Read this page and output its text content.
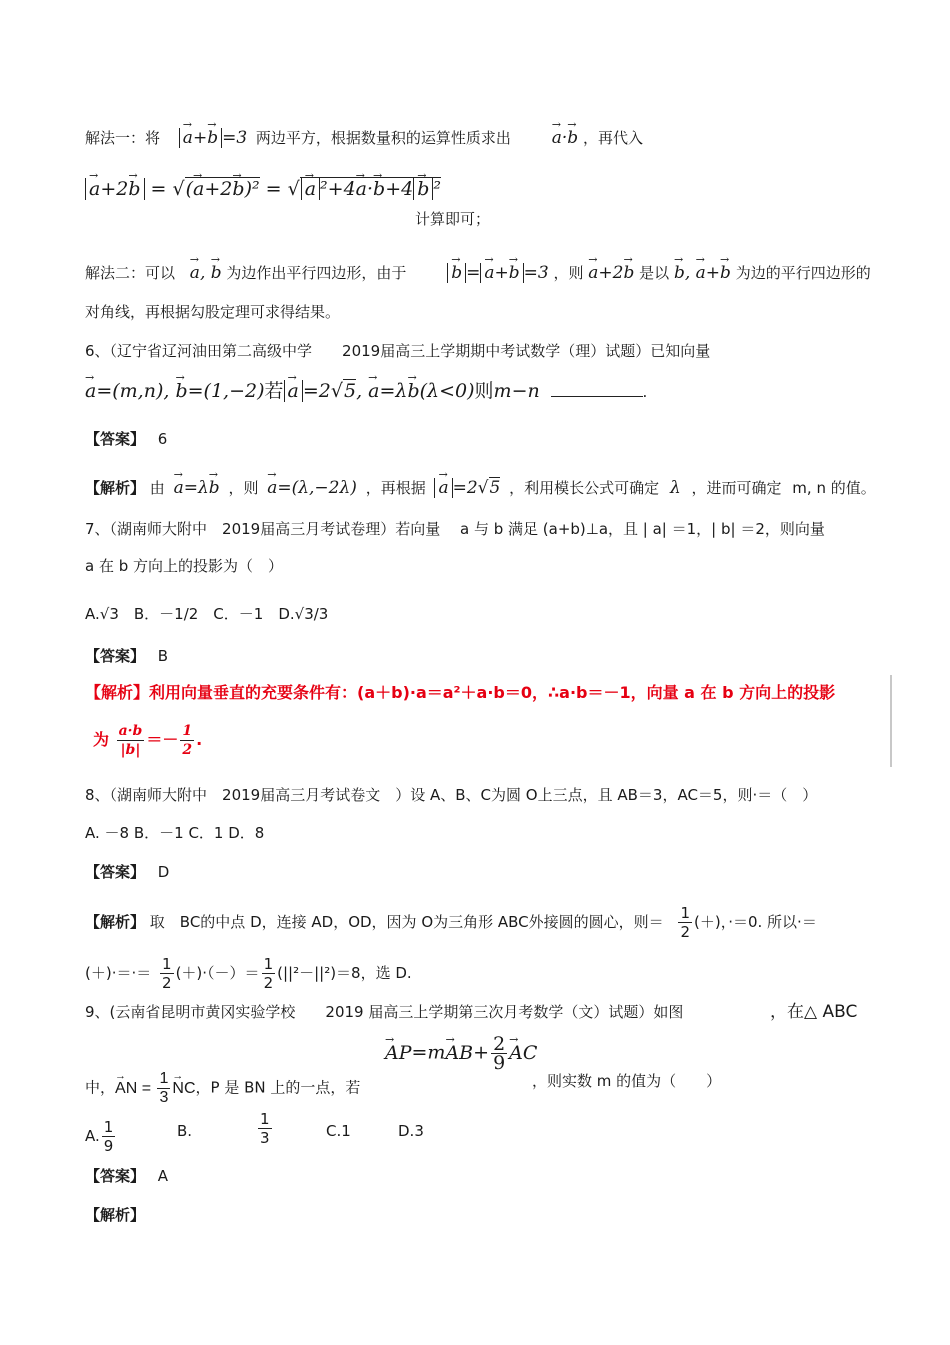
解法一：将 → a+→ b =3 两边平方，根据数量积的运算性质求出 → a·→ b ，再代入
→ a+2→ b = √(→ a+2→ b)² = √ → a ²+4→ a·→ b+4 → b ²
计算即可；
解法二：可以 → a, → b 为边作出平行四边形，由于	→ b = → a+→ b =3 ，则 → a+2→ b 是以 → b, → a+→ b 为边的平行四边形的
对角线，再根据勾股定理可求得结果。
6、（辽宁省辽河油田第二高级中学　　2019届高三上学期期中考试数学（理）试题）已知向量
→ a=(m,n), → b=(1,−2)若 → a =2√5, → a=λ→ b(λ<0)则m−n	.
【答案】 6
【解析】 由 → a=λ→ b ，则 → a=(λ,−2λ) ，再根据 → a =2√5 ，利用模长公式可确定 λ ，进而可确定 m, n 的值。
7、（湖南师大附中　2019届高三月考试卷理）若向量　 a 与 b 满足 (a+b)⊥a，且 | a| ＝1，| b| ＝2，则向量
a 在 b 方向上的投影为（　）
A.√3　B．－1/2　C．－1　D.√3/3
【答案】 B
【解析】利用向量垂直的充要条件有：(a＋b)·a＝a²＋a·b＝0，∴a·b＝－1，向量 a 在 b 方向上的投影
为 $\frac{a\cdot b}{|b|} =- \frac{1}{2}$ .
8、（湖南师大附中　2019届高三月考试卷文　）设 A、B、C为圆 O上三点，且 AB＝3，AC＝5，则·＝（　）
A. －8 B．－1 C．1 D．8
【答案】 D
【解析】 取　BC的中点 D，连接 AD，OD，因为 O为三角形 ABC外接圆的圆心，则＝ $\frac{1}{2}$ (＋)，·＝0. 所以·＝
(＋)·＝·＝ $\frac{1}{2}$ (＋)·（－）＝ $\frac{1}{2} (||^2-||^2)=8$，选 D.
9、(云南省昆明市黄冈实验学校　　2019 届高三上学期第三次月考数学（文）试题）如图	，在△ ABC
→ $AP=m\to AB+ \frac{2}{9}$ → AC
中，→ AN = $\frac{1}{3}$ → NC，P 是 BN 上的一点，若	，则实数 m 的值为（　　）
A. $\frac{1}{9}$	B.	$\frac{1}{3}$	C.1	D.3
【答案】 A
【解析】
